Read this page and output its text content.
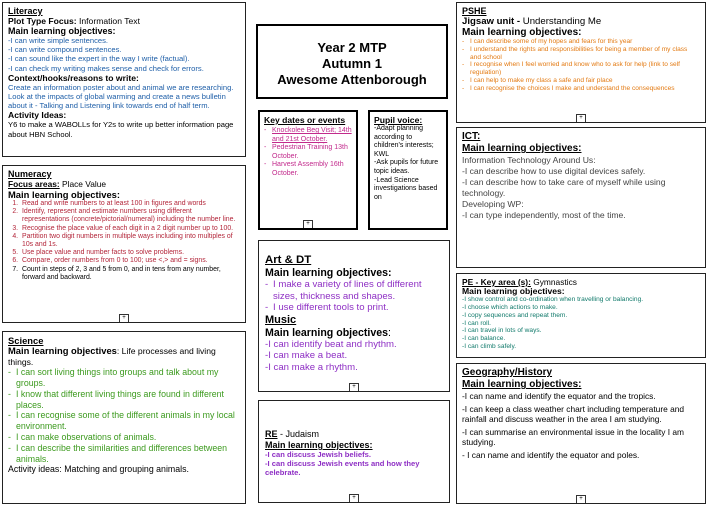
Literacy
Plot Type Focus: Information Text
Main learning objectives:
-I can write simple sentences.
-I can write compound sentences.
-I can sound like the expert in the way I write (factual).
-I can check my writing makes sense and check for errors.
Context/hooks/reasons to write:
Create an information poster about and animal we are researching. Look at the impacts of global warming and create a news bulletin about it - Talking and Listening link towards end of half term.
Activity Ideas:
Y6 to make a WABOLLs for Y2s to write up better information page about HBN School.
Year 2 MTP
Autumn 1
Awesome Attenborough
Key dates or events
- Knockolee Beg Visit; 14th and 21st October.
- Pedestrian Training 13th October.
- Harvest Assembly 16th October.
+
Pupil voice:
-Adapt planning according to children's interests; KWL
-Ask pupils for future topic ideas.
-Lead Science investigations based on
PSHE
Jigsaw unit - Understanding Me
Main learning objectives:
- I can describe some of my hopes and fears for this year
- I understand the rights and responsibilities for being a member of my class and school
- I recognise when I feel worried and know who to ask for help (link to self regulation)
- I can help to make my class a safe and fair place
- I can recognise the choices I make and understand the consequences
+
ICT:
Main learning objectives:
Information Technology Around Us:
-I can describe how to use digital devices safely.
-I can describe how to take care of myself while using technology.
Developing WP:
-I can type independently, most of the time.
Numeracy
Focus areas: Place Value
Main learning objectives:
1. Read and write numbers to at least 100 in figures and words
2. Identify, represent and estimate numbers using different representations (concrete/pictorial/numeral) including the number line.
3. Recognise the place value of each digit in a 2 digit number up to 100.
4. Partition two digit numbers in multiple ways including into multiples of 10s and 1s.
5. Use place value and number facts to solve problems.
6. Compare, order numbers from 0 to 100; use <,> and = signs.
7. Count in steps of 2, 3 and 5 from 0, and in tens from any number, forward and backward.
+
Art & DT
Main learning objectives:
- I make a variety of lines of different sizes, thickness and shapes.
- I use different tools to print.
Music
Main learning objectives:
-I can identify beat and rhythm.
-I can make a beat.
-I can make a rhythm.
+
PE - Key area (s): Gymnastics
Main learning objectives:
-I show control and co-ordination when travelling or balancing.
-I choose which actions to make.
-I copy sequences and repeat them.
-I can roll.
-I can travel in lots of ways.
-I can balance.
-I can climb safely.
Science
Main learning objectives: Life processes and living things.
- I can sort living things into groups and talk about my groups.
- I know that different living things are found in different places.
- I can recognise some of the different animals in my local environment.
- I can make observations of animals.
- I can describe the similarities and differences between animals.
Activity ideas: Matching and grouping animals.
RE - Judaism
Main learning objectives:
-I can discuss Jewish beliefs.
-I can discuss Jewish events and how they celebrate.
+
Geography/History
Main learning objectives:
-I can name and identify the equator and the tropics.
-I can keep a class weather chart including temperature and rainfall and discuss weather in the area I am studying.
-I can summarise an environmental issue in the locality I am studying.
- I can name and identify the equator and poles.
+
